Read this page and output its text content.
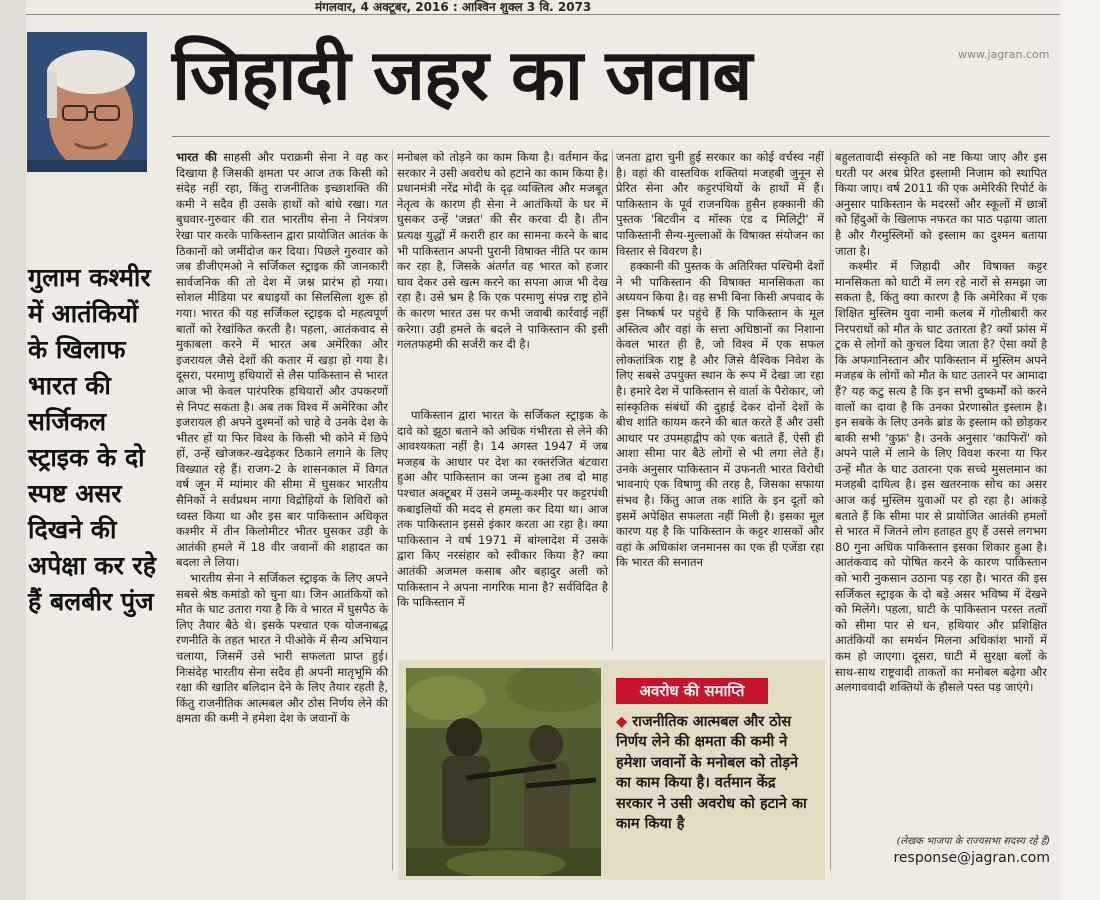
मंगलवार, 4 अक्टूबर, 2016 : आश्विन शुक्ल 3 वि. 2073
जिहादी जहर का जवाब	www.jagran.com
गुलाम कश्मीर में आतंकियों के खिलाफ भारत की सर्जिकल स्ट्राइक के दो स्पष्ट असर दिखने की अपेक्षा कर रहे हैं बलबीर पुंज

भारत की साहसी और पराक्रमी सेना ने वह कर दिखाया है जिसकी क्षमता पर आज तक किसी को संदेह नहीं रहा, किंतु राजनीतिक इच्छाशक्ति की कमी ने सदैव ही उसके हाथों को बांधे रखा। गत बुधवार-गुरुवार की रात भारतीय सेना ने नियंत्रण रेखा पार करके पाकिस्तान द्वारा प्रायोजित आतंक के ठिकानों को जमींदोज कर दिया। पिछले गुरुवार को जब डीजीएमओ ने सर्जिकल स्ट्राइक की जानकारी सार्वजनिक की तो देश में जश्न प्रारंभ हो गया। सोशल मीडिया पर बधाइयों का सिलसिला शुरू हो गया। भारत की यह सर्जिकल स्ट्राइक दो महत्वपूर्ण बातों को रेखांकित करती है। पहला, आतंकवाद से मुकाबला करने में भारत अब अमेरिका और इजरायल जैसे देशों की कतार में खड़ा हो गया है। दूसरा, परमाणु हथियारों से लैस पाकिस्तान से भारत आज भी केवल पारंपरिक हथियारों और उपकरणों से निपट सकता है। अब तक विश्व में अमेरिका और इजरायल ही अपने दुश्मनों को चाहे वे उनके देश के भीतर हों या फिर विश्व के किसी भी कोने में छिपे हों, उन्हें खोजकर-खदेड़कर ठिकाने लगाने के लिए विख्यात रहे हैं। राजग-2 के शासनकाल में विगत वर्ष जून में म्यांमार की सीमा में घुसकर भारतीय सैनिकों ने सर्वप्रथम नागा विद्रोहियों के शिविरों को ध्वस्त किया था और इस बार पाकिस्तान अधिकृत कश्मीर में तीन किलोमीटर भीतर घुसकर उड़ी के आतंकी हमले में 18 वीर जवानों की शहादत का बदला ले लिया।

भारतीय सेना ने सर्जिकल स्ट्राइक के लिए अपने सबसे श्रेष्ठ कमांडो को चुना था। जिन आतंकियों को मौत के घाट उतारा गया है कि वे भारत में घुसपैठ के लिए तैयार बैठे थे। इसके पश्चात एक योजनाबद्ध रणनीति के तहत भारत ने पीओके में सैन्य अभियान चलाया, जिसमें उसे भारी सफलता प्राप्त हुई। निःसंदेह भारतीय सेना सदैव ही अपनी मातृभूमि की रक्षा की खातिर बलिदान देने के लिए तैयार रहती है, किंतु राजनीतिक आत्मबल और ठोस निर्णय लेने की क्षमता की कमी ने हमेशा देश के जवानों के

मनोबल को तोड़ने का काम किया है। वर्तमान केंद्र सरकार ने उसी अवरोध को हटाने का काम किया है। प्रधानमंत्री नरेंद्र मोदी के दृढ़ व्यक्तित्व और मजबूत नेतृत्व के कारण ही सेना ने आतंकियों के घर में घुसकर उन्हें 'जन्नत' की सैर करवा दी है। तीन प्रत्यक्ष युद्धों में करारी हार का सामना करने के बाद भी पाकिस्तान अपनी पुरानी विषाक्त नीति पर काम कर रहा है, जिसके अंतर्गत वह भारत को हजार घाव देकर उसे खत्म करने का सपना आज भी देख रहा है। उसे भ्रम है कि एक परमाणु संपन्न राष्ट्र होने के कारण भारत उस पर कभी जवाबी कार्रवाई नहीं करेगा। उड़ी हमले के बदले ने पाकिस्तान की इसी गलतफहमी की सर्जरी कर दी है।

पाकिस्तान द्वारा भारत के सर्जिकल स्ट्राइक के दावे को झूठा बताने को अधिक गंभीरता से लेने की आवश्यकता नहीं है। 14 अगस्त 1947 में जब मजहब के आधार पर देश का रक्तरंजित बंटवारा हुआ और पाकिस्तान का जन्म हुआ तब दो माह पश्चात अक्टूबर में उसने जम्मू-कश्मीर पर कट्टरपंथी कबाइलियों की मदद से हमला कर दिया था। आज तक पाकिस्तान इससे इंकार करता आ रहा है। क्या पाकिस्तान ने वर्ष 1971 में बांग्लादेश में उसके द्वारा किए नरसंहार को स्वीकार किया है? क्या आतंकी अजमल कसाब और बहादुर अली को पाकिस्तान ने अपना नागरिक माना है? सर्वविदित है कि पाकिस्तान में

जनता द्वारा चुनी हुई सरकार का कोई वर्चस्व नहीं है। वहां की वास्तविक शक्तियां मजहबी जुनून से प्रेरित सेना और कट्टरपंथियों के हाथों में हैं। पाकिस्तान के पूर्व राजनयिक हुसैन हक्कानी की पुस्तक 'बिटवीन द मॉस्क एंड द मिलिट्री' में पाकिस्तानी सैन्य-मुल्लाओं के विषाक्त संयोजन का विस्तार से विवरण है।

हक्कानी की पुस्तक के अतिरिक्त पश्चिमी देशों ने भी पाकिस्तान की विषाक्त मानसिकता का अध्ययन किया है। वह सभी बिना किसी अपवाद के इस निष्कर्ष पर पहुंचे हैं कि पाकिस्तान के मूल अस्तित्व और वहां के सत्ता अधिष्ठानों का निशाना केवल भारत ही है, जो विश्व में एक सफल लोकतांत्रिक राष्ट्र है और जिसे वैश्विक निवेश के लिए सबसे उपयुक्त स्थान के रूप में देखा जा रहा है। हमारे देश में पाकिस्तान से वार्ता के पैरोकार, जो सांस्कृतिक संबंधों की दुहाई देकर दोनों देशों के बीच शांति कायम करने की बात करते हैं और उसी आधार पर उपमहाद्वीप को एक बताते हैं, ऐसी ही आशा सीमा पार बैठे लोगों से भी लगा लेते हैं। उनके अनुसार पाकिस्तान में उफनती भारत विरोधी भावनाएं एक विषाणु की तरह है, जिसका सफाया संभव है। किंतु आज तक शांति के इन दूतों को इसमें अपेक्षित सफलता नहीं मिली है। इसका मूल कारण यह है कि पाकिस्तान के कट्टर शासकों और वहां के अधिकांश जनमानस का एक ही एजेंडा रहा कि भारत की सनातन

बहुलतावादी संस्कृति को नष्ट किया जाए और इस धरती पर अरब प्रेरित इस्लामी निजाम को स्थापित किया जाए। वर्ष 2011 की एक अमेरिकी रिपोर्ट के अनुसार पाकिस्तान के मदरसों और स्कूलों में छात्रों को हिंदुओं के खिलाफ नफरत का पाठ पढ़ाया जाता है और गैरमुस्लिमों को इस्लाम का दुश्मन बताया जाता है।

कश्मीर में जिहादी और विषाक्त कट्टर मानसिकता को घाटी में लग रहे नारों से समझा जा सकता है, किंतु क्या कारण है कि अमेरिका में एक शिक्षित मुस्लिम युवा नामी कलब में गोलीबारी कर निरपराधों को मौत के घाट उतारता है? क्यों फ्रांस में ट्रक से लोगों को कुचल दिया जाता है? ऐसा क्यों है कि अफगानिस्तान और पाकिस्तान में मुस्लिम अपने मजहब के लोगों को मौत के घाट उतारने पर आमादा हैं? यह कटु सत्य है कि इन सभी दुष्कर्मों को करने वालों का दावा है कि उनका प्रेरणास्रोत इस्लाम है। इन सबके के लिए उनके ब्रांड के इस्लाम को छोड़कर बाकी सभी 'कुफ्र' है। उनके अनुसार 'काफिरों' को अपने पाले में लाने के लिए विवश करना या फिर उन्हें मौत के घाट उतारना एक सच्चे मुसलमान का मजहबी दायित्व है। इस खतरनाक सोच का असर आज कई मुस्लिम युवाओं पर हो रहा है। आंकड़े बताते हैं कि सीमा पार से प्रायोजित आतंकी हमलों से भारत में जितने लोग हताहत हुए हैं उससे लगभग 80 गुना अधिक पाकिस्तान इसका शिकार हुआ है। आतंकवाद को पोषित करने के कारण पाकिस्तान को भारी नुकसान उठाना पड़ रहा है। भारत की इस सर्जिकल स्ट्राइक के दो बड़े असर भविष्य में देखने को मिलेंगे। पहला, घाटी के पाकिस्तान परस्त तत्वों को सीमा पार से धन, हथियार और प्रशिक्षित आतंकियों का समर्थन मिलना अधिकांश भागों में कम हो जाएगा। दूसरा, घाटी में सुरक्षा बलों के साथ-साथ राष्ट्रवादी ताकतों का मनोबल बढ़ेगा और अलगाववादी शक्तियों के हौसले पस्त पड़ जाएंगे।

अवरोध की समाप्ति
◆ राजनीतिक आत्मबल और ठोस निर्णय लेने की क्षमता की कमी ने हमेशा जवानों के मनोबल को तोड़ने का काम किया है। वर्तमान केंद्र सरकार ने उसी अवरोध को हटाने का काम किया है
(लेखक भाजपा के राज्यसभा सदस्य रहे हैं)
response@jagran.com
